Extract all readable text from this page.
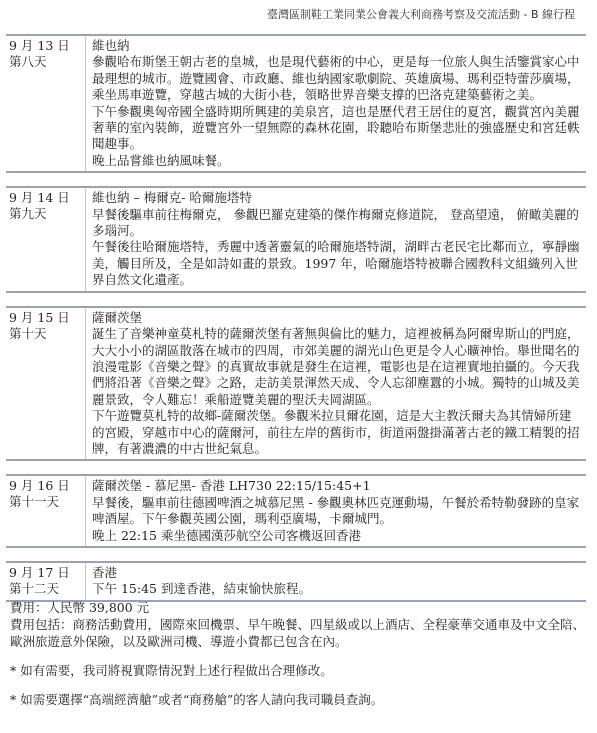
臺灣區制鞋工業同業公會義大利商務考察及交流活動 - B 線行程
9 月 13 日
第八天

維也納

參觀哈布斯堡王朝古老的皇城，也是現代藝術的中心，更是每一位旅人與生活鑒賞家心中最理想的城市。遊覽國會、市政廳、維也納國家歌劇院、英雄廣場、瑪利亞特蕾莎廣場，乘坐馬車遊覽，穿越古城的大街小巷，領略世界音樂支撐的巴洛克建築藝術之美。

下午參觀奧匈帝國全盛時期所興建的美泉宮，這也是歷代君王居住的夏宮，觀賞宮內美麗奢華的室內裝飾，遊覽宮外一望無際的森林花園，聆聽哈布斯堡悲壯的強盛歷史和宮廷軼聞趣事。

晚上品嘗維也納風味餐。

9 月 14 日
第九天

維也納 – 梅爾克- 哈爾施塔特

早餐後驅車前往梅爾克， 參觀巴羅克建築的傑作梅爾克修道院， 登高望遠， 俯瞰美麗的多瑙河。

午餐後往哈爾施塔特，秀麗中透著靈氣的哈爾施塔特湖，湖畔古老民宅比鄰而立，寧靜幽美，觸目所及，全是如詩如畫的景致。1997 年，哈爾施塔特被聯合國教科文組織列入世界自然文化遺產。

9 月 15 日
第十天

薩爾茨堡

誕生了音樂神童莫札特的薩爾茨堡有著無與倫比的魅力，這裡被稱為阿爾卑斯山的門庭，大大小小的湖區散落在城市的四周，市郊美麗的湖光山色更是令人心曠神怡。舉世聞名的浪漫電影《音樂之聲》的真實故事就是發生在這裡，電影也是在這裡實地拍攝的。今天我們將沿著《音樂之聲》之路，走訪美景渾然天成、令人忘卻塵囂的小城。獨特的山城及美麗景致，令人難忘！乘船遊覽美麗的聖沃夫岡湖區。

下午遊覽莫札特的故鄉-薩爾茨堡。參觀米拉貝爾花園，這是大主教沃爾夫為其情婦所建的宮殿，穿越市中心的薩爾河，前往左岸的舊街市，街道兩盤掛滿著古老的鐵工精製的招牌，有著濃濃的中古世紀氣息。

9 月 16 日
第十一天

薩爾茨堡 - 慕尼黑- 香港 LH730 22:15/15:45+1

早餐後，驅車前往德國啤酒之城慕尼黑 - 參觀奧林匹克運動場，午餐於希特勒發跡的皇家啤酒屋。下午參觀英國公園，瑪利亞廣場，卡爾城門。

晚上 22:15 乘坐德國漢莎航空公司客機返回香港

9 月 17 日
第十二天

香港

下午 15:45 到達香港，結束愉快旅程。

費用：人民幣 39,800 元

費用包括：商務活動費用，國際來回機票、早午晚餐、四星級或以上酒店、全程豪華交通車及中文全陪、歐洲旅遊意外保險，以及歐洲司機、導遊小費都已包含在內。

* 如有需要，我司將視實際情況對上述行程做出合理修改。

* 如需要選擇“高端經濟艙”或者“商務艙”的客人請向我司職員查詢。
